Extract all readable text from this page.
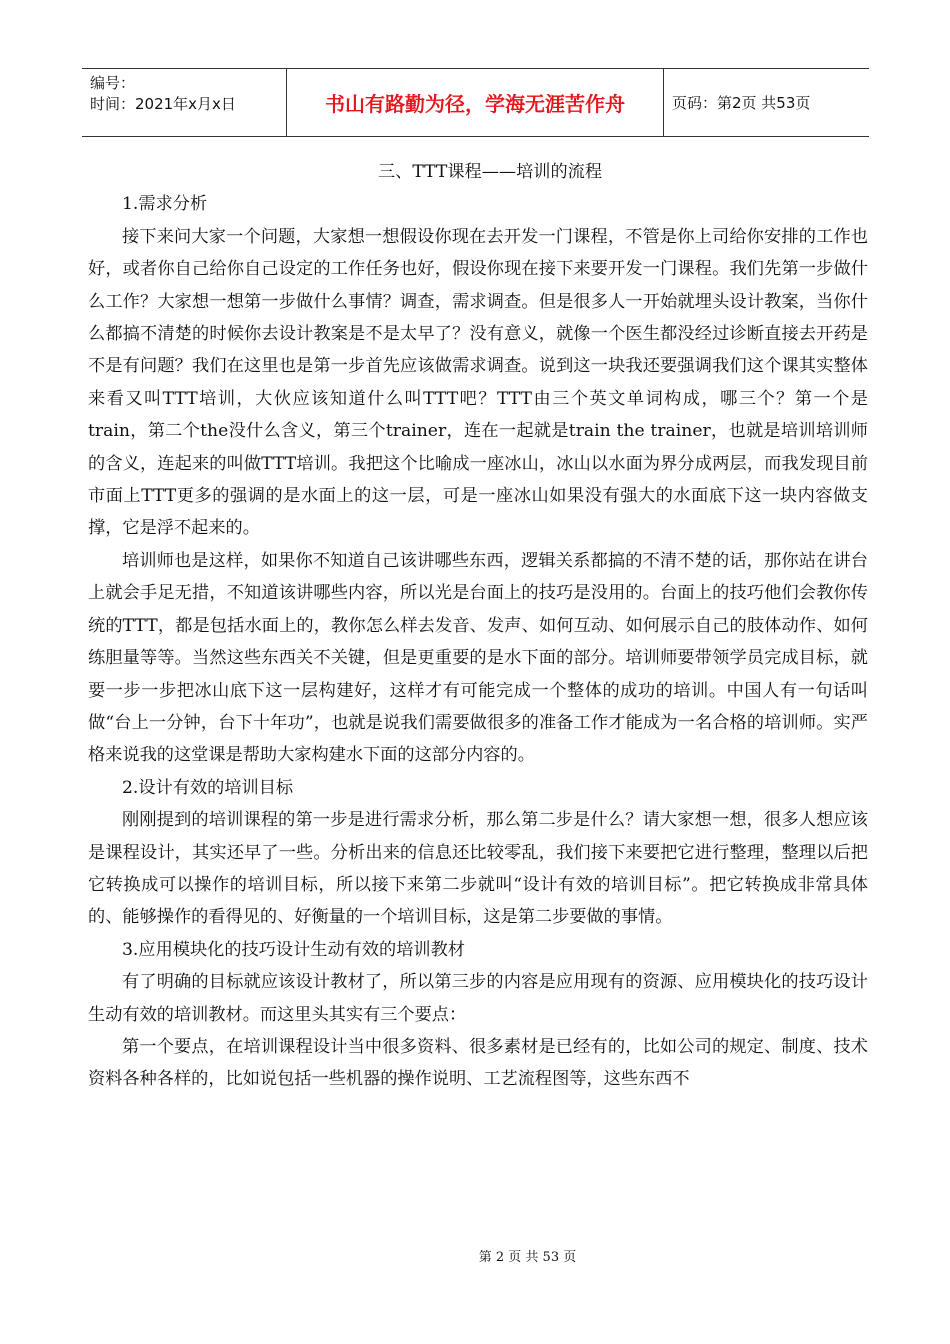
编号：
时间：2021年x月x日	书山有路勤为径，学海无涯苦作舟	页码：第2页 共53页

三、TTT课程——培训的流程

1.需求分析

接下来问大家一个问题，大家想一想假设你现在去开发一门课程，不管是你上司给你安排的工作也好，或者你自己给你自己设定的工作任务也好，假设你现在接下来要开发一门课程。我们先第一步做什么工作？大家想一想第一步做什么事情？调查，需求调查。但是很多人一开始就埋头设计教案，当你什么都搞不清楚的时候你去设计教案是不是太早了？没有意义，就像一个医生都没经过诊断直接去开药是不是有问题？我们在这里也是第一步首先应该做需求调查。说到这一块我还要强调我们这个课其实整体来看又叫TTT培训，大伙应该知道什么叫TTT吧？TTT由三个英文单词构成，哪三个？第一个是train，第二个the没什么含义，第三个trainer，连在一起就是train the trainer，也就是培训培训师的含义，连起来的叫做TTT培训。我把这个比喻成一座冰山，冰山以水面为界分成两层，而我发现目前市面上TTT更多的强调的是水面上的这一层，可是一座冰山如果没有强大的水面底下这一块内容做支撑，它是浮不起来的。

培训师也是这样，如果你不知道自己该讲哪些东西，逻辑关系都搞的不清不楚的话，那你站在讲台上就会手足无措，不知道该讲哪些内容，所以光是台面上的技巧是没用的。台面上的技巧他们会教你传统的TTT，都是包括水面上的，教你怎么样去发音、发声、如何互动、如何展示自己的肢体动作、如何练胆量等等。当然这些东西关不关键，但是更重要的是水下面的部分。培训师要带领学员完成目标，就要一步一步把冰山底下这一层构建好，这样才有可能完成一个整体的成功的培训。中国人有一句话叫做“台上一分钟，台下十年功”，也就是说我们需要做很多的准备工作才能成为一名合格的培训师。实严格来说我的这堂课是帮助大家构建水下面的这部分内容的。

2.设计有效的培训目标

刚刚提到的培训课程的第一步是进行需求分析，那么第二步是什么？请大家想一想，很多人想应该是课程设计，其实还早了一些。分析出来的信息还比较零乱，我们接下来要把它进行整理，整理以后把它转换成可以操作的培训目标，所以接下来第二步就叫“设计有效的培训目标”。把它转换成非常具体的、能够操作的看得见的、好衡量的一个培训目标，这是第二步要做的事情。

3.应用模块化的技巧设计生动有效的培训教材

有了明确的目标就应该设计教材了，所以第三步的内容是应用现有的资源、应用模块化的技巧设计生动有效的培训教材。而这里头其实有三个要点：

第一个要点，在培训课程设计当中很多资料、很多素材是已经有的，比如公司的规定、制度、技术资料各种各样的，比如说包括一些机器的操作说明、工艺流程图等，这些东西不

第 2 页 共 53 页
